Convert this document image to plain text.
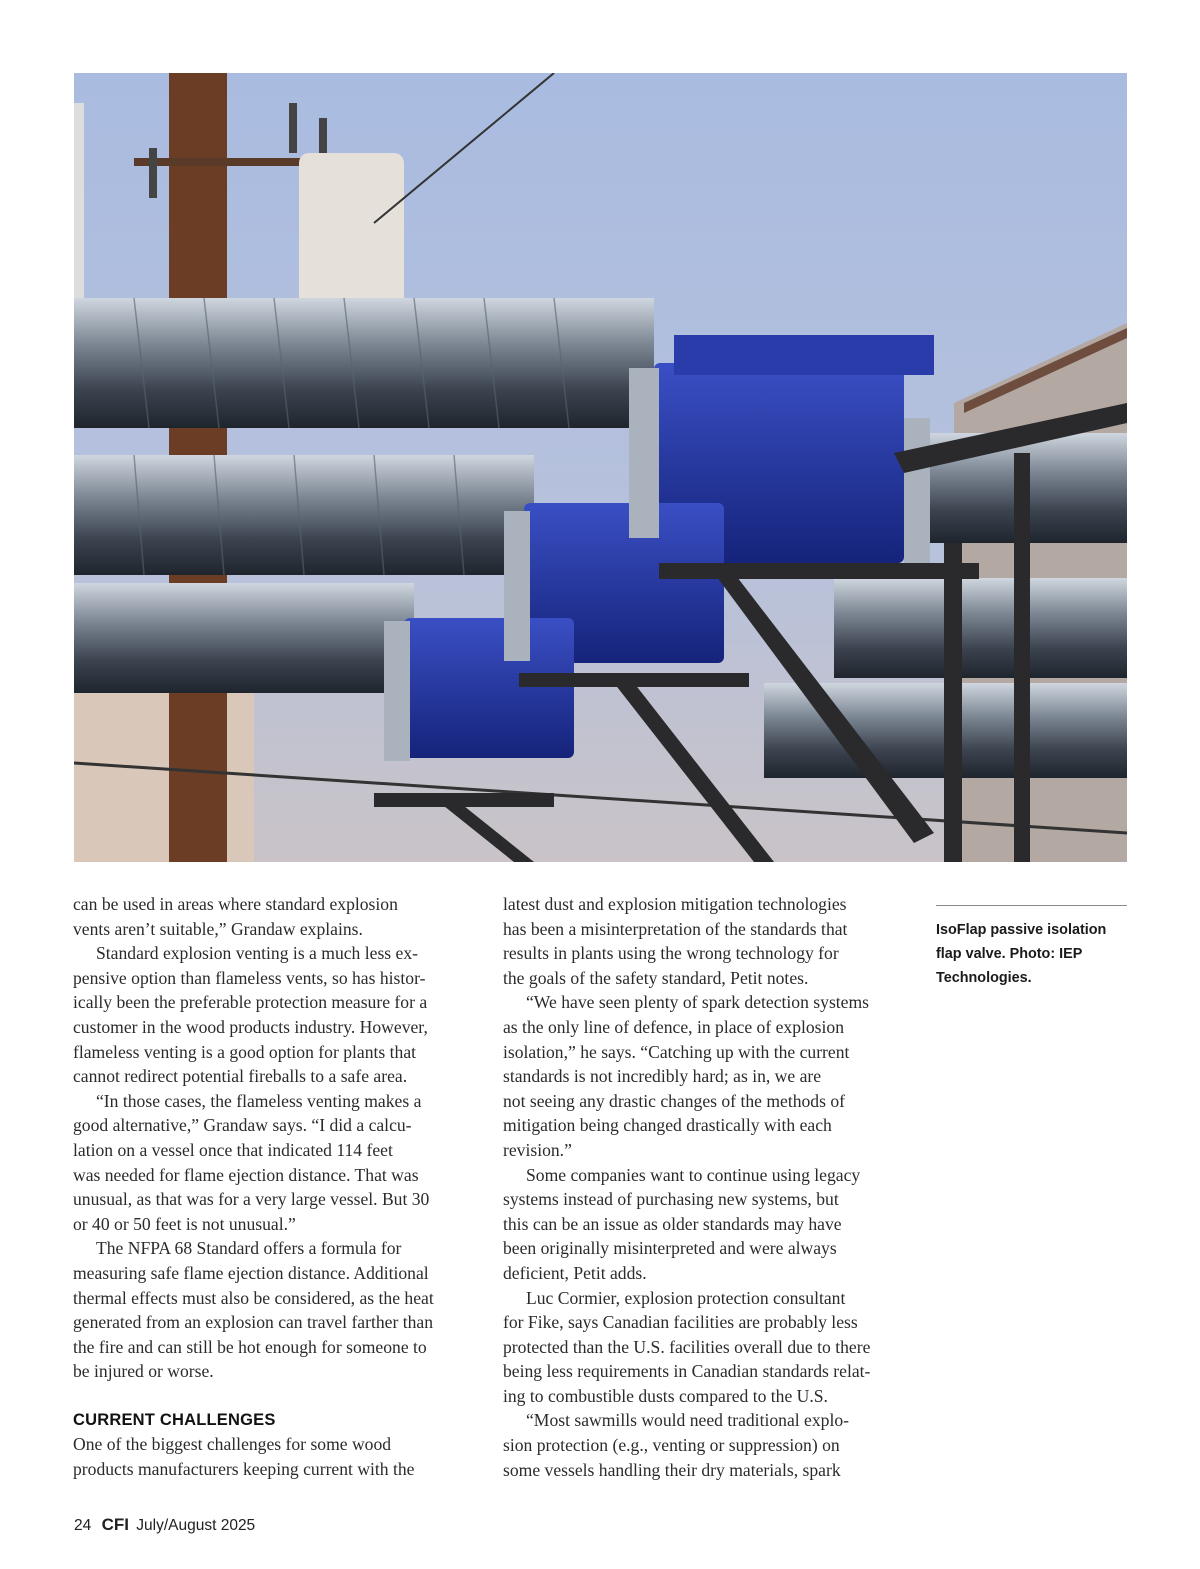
can be used in areas where standard explosion
vents aren’t suitable,” Grandaw explains.

Standard explosion venting is a much less ex-
pensive option than flameless vents, so has histor-
ically been the preferable protection measure for a
customer in the wood products industry. However,
flameless venting is a good option for plants that
cannot redirect potential fireballs to a safe area.

“In those cases, the flameless venting makes a
good alternative,” Grandaw says. “I did a calcu-
lation on a vessel once that indicated 114 feet
was needed for flame ejection distance. That was
unusual, as that was for a very large vessel. But 30
or 40 or 50 feet is not unusual.”

The NFPA 68 Standard offers a formula for
measuring safe flame ejection distance. Additional
thermal effects must also be considered, as the heat
generated from an explosion can travel farther than
the fire and can still be hot enough for someone to
be injured or worse.

CURRENT CHALLENGES

One of the biggest challenges for some wood
products manufacturers keeping current with the

latest dust and explosion mitigation technologies
has been a misinterpretation of the standards that
results in plants using the wrong technology for
the goals of the safety standard, Petit notes.

“We have seen plenty of spark detection systems
as the only line of defence, in place of explosion
isolation,” he says. “Catching up with the current
standards is not incredibly hard; as in, we are
not seeing any drastic changes of the methods of
mitigation being changed drastically with each
revision.”

Some companies want to continue using legacy
systems instead of purchasing new systems, but
this can be an issue as older standards may have
been originally misinterpreted and were always
deficient, Petit adds.

Luc Cormier, explosion protection consultant
for Fike, says Canadian facilities are probably less
protected than the U.S. facilities overall due to there
being less requirements in Canadian standards relat-
ing to combustible dusts compared to the U.S.

“Most sawmills would need traditional explo-
sion protection (e.g., venting or suppression) on
some vessels handling their dry materials, spark

IsoFlap passive isolation flap valve. Photo: IEP Technologies.
24 CFI July/August 2025
